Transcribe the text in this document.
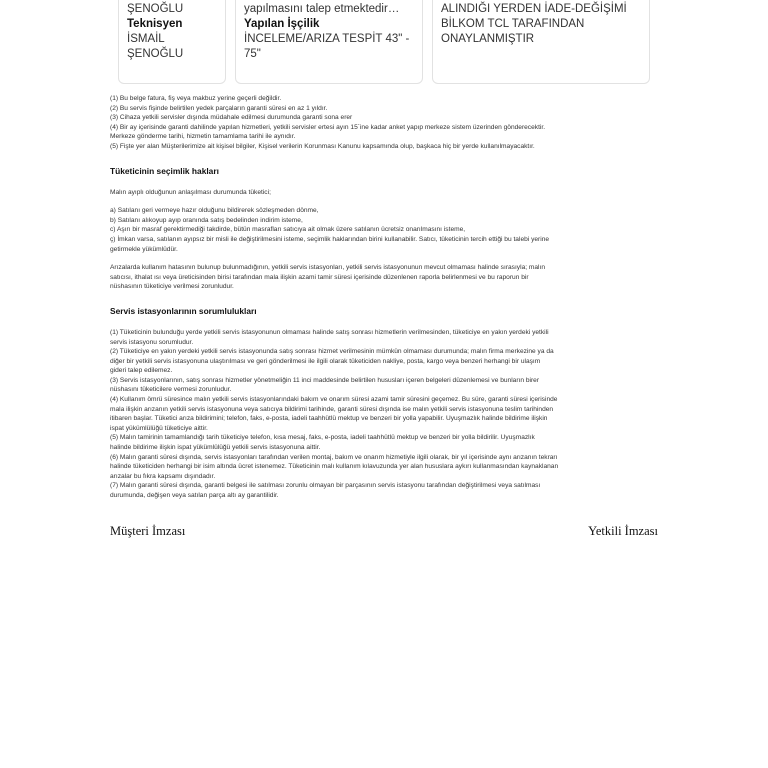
ŞENOĞLU
Teknisyen
İSMAİL ŞENOĞLU
yapılmasını talep etmektedir…
Yapılan İşçilik
İNCELEME/ARIZA TESPİT 43" -
75"
ALINDIĞI YERDEN İADE-DEĞİŞİMİ
BİLKOM TCL TARAFINDAN
ONAYLANMIŞTIR

(1) Bu belge fatura, fiş veya makbuz yerine geçerli değildir.

(2) Bu servis fişinde belirtilen yedek parçaların garanti süresi en az 1 yıldır.

(3) Cihaza yetkili servisler dışında müdahale edilmesi durumunda garanti sona erer

(4) Bir ay içerisinde garanti dahilinde yapılan hizmetleri, yetkili servisler ertesi ayın 15`ine kadar anket yapıp merkeze sistem üzerinden gönderecektir.

Merkeze gönderme tarihi, hizmetin tamamlama tarihi ile aynıdır.

(5) Fişte yer alan Müşterilerimize ait kişisel bilgiler, Kişisel verilerin Korunması Kanunu kapsamında olup, başkaca hiç bir yerde kullanılmayacaktır.

Tüketicinin seçimlik hakları

Malın ayıplı olduğunun anlaşılması durumunda tüketici;

a) Satılanı geri vermeye hazır olduğunu bildirerek sözleşmeden dönme,

b) Satılanı alıkoyup ayıp oranında satış bedelinden indirim isteme,

c) Aşırı bir masraf gerektirmediği takdirde, bütün masrafları satıcıya ait olmak üzere satılanın ücretsiz onarılmasını isteme,

ç) İmkan varsa, satılanın ayıpsız bir misli ile değiştirilmesini isteme, seçimlik haklarından birini kullanabilir. Satıcı, tüketicinin tercih ettiği bu talebi yerine

getirmekle yükümlüdür.

Arızalarda kullanım hatasının bulunup bulunmadığının, yetkili servis istasyonları, yetkili servis istasyonunun mevcut olmaması halinde sırasıyla; malın

satıcısı, ithalat ısı veya üreticisinden birisi tarafından mala ilişkin azami tamir süresi içerisinde düzenlenen raporla belirlenmesi ve bu raporun bir

nüshasının tüketiciye verilmesi zorunludur.

Servis istasyonlarının sorumlulukları

(1) Tüketicinin bulunduğu yerde yetkili servis istasyonunun olmaması halinde satış sonrası hizmetlerin verilmesinden, tüketiciye en yakın yerdeki yetkili

servis istasyonu sorumludur.

(2) Tüketiciye en yakın yerdeki yetkili servis istasyonunda satış sonrası hizmet verilmesinin mümkün olmaması durumunda; malın firma merkezine ya da

diğer bir yetkili servis istasyonuna ulaştırılması ve geri gönderilmesi ile ilgili olarak tüketiciden nakliye, posta, kargo veya benzeri herhangi bir ulaşım

gideri talep edilemez.

(3) Servis istasyonlarının, satış sonrası hizmetler yönetmeliğin 11 inci maddesinde belirtilen hususları içeren belgeleri düzenlemesi ve bunların birer

nüshasını tüketicilere vermesi zorunludur.

(4) Kullanım ömrü süresince malın yetkili servis istasyonlarındaki bakım ve onarım süresi azami tamir süresini geçemez. Bu süre, garanti süresi içerisinde

mala ilişkin arızanın yetkili servis istasyonuna veya satıcıya bildirimi tarihinde, garanti süresi dışında ise malın yetkili servis istasyonuna teslim tarihinden

itibaren başlar. Tüketici arıza bildirimini; telefon, faks, e-posta, iadeli taahhütlü mektup ve benzeri bir yolla yapabilir. Uyuşmazlık halinde bildirime ilişkin

ispat yükümlülüğü tüketiciye aittir.

(5) Malın tamirinin tamamlandığı tarih tüketiciye telefon, kısa mesaj, faks, e-posta, iadeli taahhütlü mektup ve benzeri bir yolla bildirilir. Uyuşmazlık

halinde bildirime ilişkin ispat yükümlülüğü yetkili servis istasyonuna aittir.

(6) Malın garanti süresi dışında, servis istasyonları tarafından verilen montaj, bakım ve onarım hizmetiyle ilgili olarak, bir yıl içerisinde aynı arızanın tekrarı

halinde tüketiciden herhangi bir isim altında ücret istenemez. Tüketicinin malı kullanım kılavuzunda yer alan hususlara aykırı kullanmasından kaynaklanan

arızalar bu fıkra kapsamı dışındadır.

(7) Malın garanti süresi dışında, garanti belgesi ile satılması zorunlu olmayan bir parçasının servis istasyonu tarafından değiştirilmesi veya satılması

durumunda, değişen veya satılan parça altı ay garantilidir.

Müşteri İmzası	Yetkili İmzası
